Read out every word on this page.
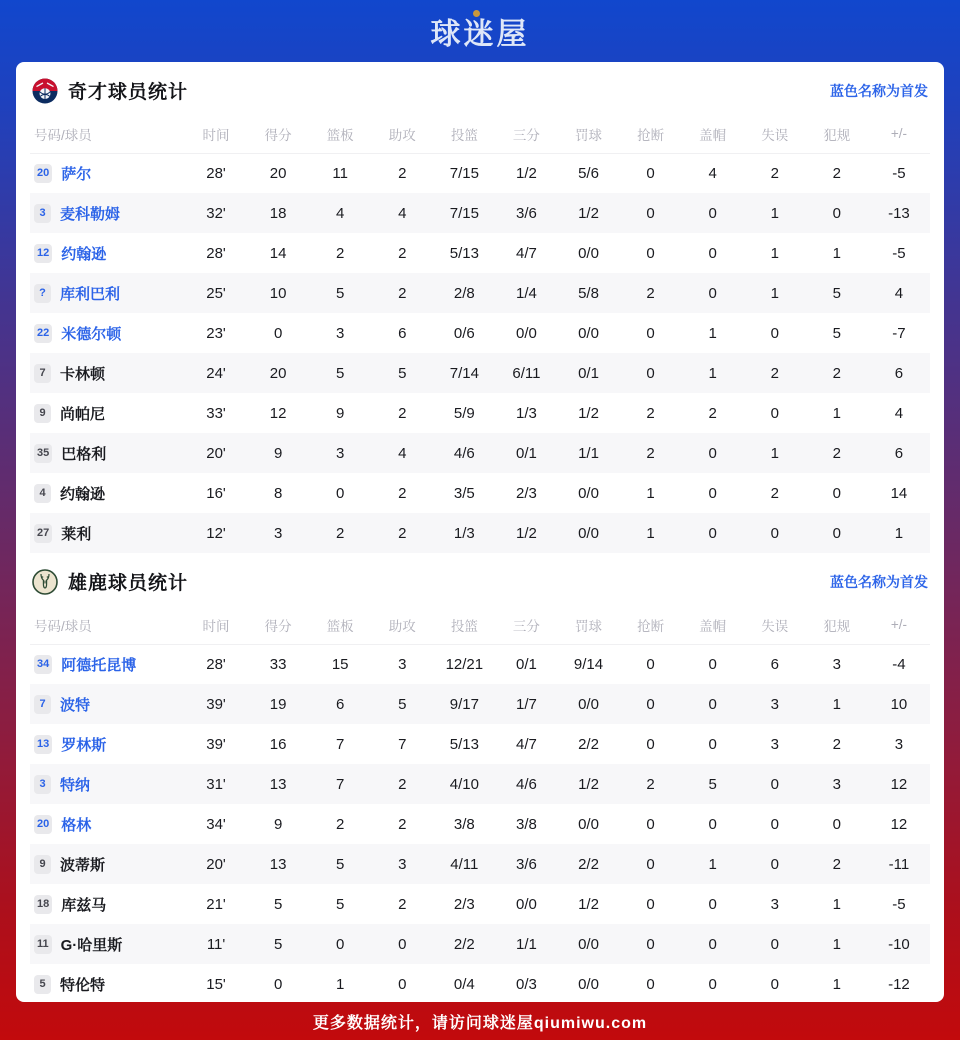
球迷屋
奇才球员统计	蓝色名称为首发
号码/球员	时间	得分	篮板	助攻	投篮	三分	罚球	抢断	盖帽	失误	犯规	+/-
20 萨尔	28'	20	11	2	7/15	1/2	5/6	0	4	2	2	-5
3 麦科勒姆	32'	18	4	4	7/15	3/6	1/2	0	0	1	0	-13
12 约翰逊	28'	14	2	2	5/13	4/7	0/0	0	0	1	1	-5
? 库利巴利	25'	10	5	2	2/8	1/4	5/8	2	0	1	5	4
22 米德尔顿	23'	0	3	6	0/6	0/0	0/0	0	1	0	5	-7
7 卡林顿	24'	20	5	5	7/14	6/11	0/1	0	1	2	2	6
9 尚帕尼	33'	12	9	2	5/9	1/3	1/2	2	2	0	1	4
35 巴格利	20'	9	3	4	4/6	0/1	1/1	2	0	1	2	6
4 约翰逊	16'	8	0	2	3/5	2/3	0/0	1	0	2	0	14
27 莱利	12'	3	2	2	1/3	1/2	0/0	1	0	0	0	1
雄鹿球员统计	蓝色名称为首发
号码/球员	时间	得分	篮板	助攻	投篮	三分	罚球	抢断	盖帽	失误	犯规	+/-
34 阿德托昆博	28'	33	15	3	12/21	0/1	9/14	0	0	6	3	-4
7 波特	39'	19	6	5	9/17	1/7	0/0	0	0	3	1	10
13 罗林斯	39'	16	7	7	5/13	4/7	2/2	0	0	3	2	3
3 特纳	31'	13	7	2	4/10	4/6	1/2	2	5	0	3	12
20 格林	34'	9	2	2	3/8	3/8	0/0	0	0	0	0	12
9 波蒂斯	20'	13	5	3	4/11	3/6	2/2	0	1	0	2	-11
18 库兹马	21'	5	5	2	2/3	0/0	1/2	0	0	3	1	-5
11 G·哈里斯	11'	5	0	0	2/2	1/1	0/0	0	0	0	1	-10
5 特伦特	15'	0	1	0	0/4	0/3	0/0	0	0	0	1	-12
更多数据统计，请访问球迷屋qiumiwu.com
